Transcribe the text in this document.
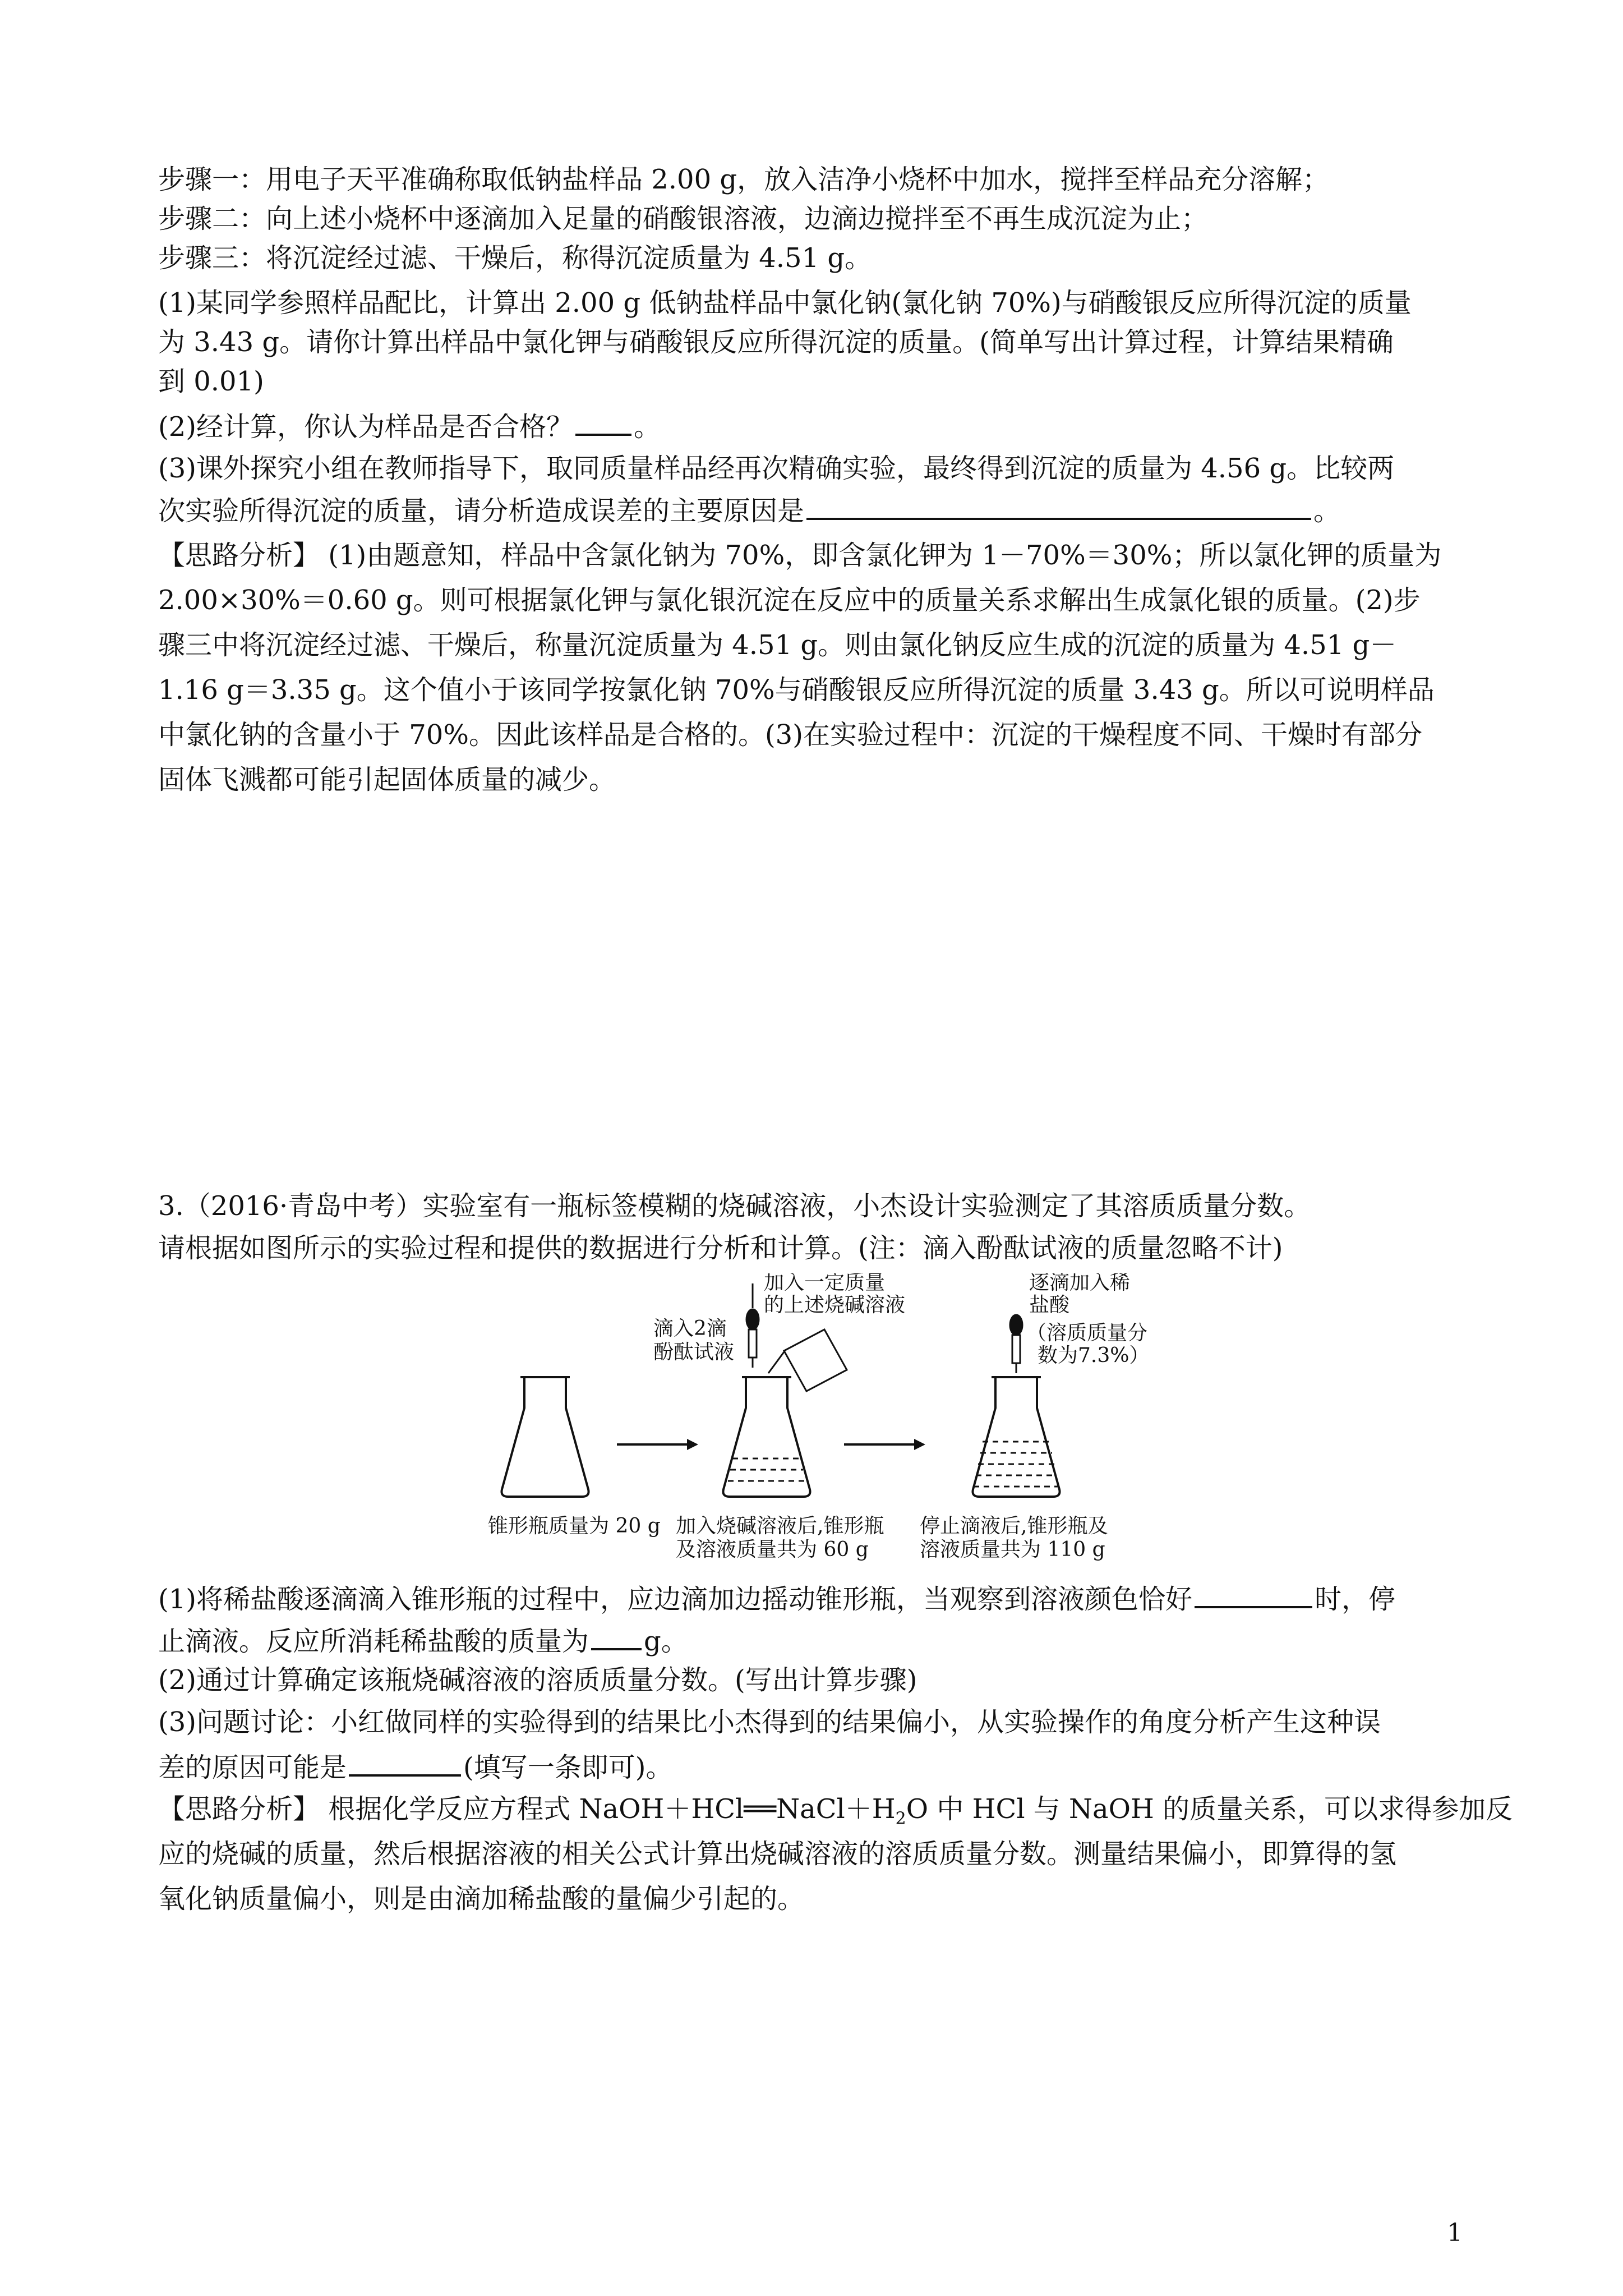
步骤一：用电子天平准确称取低钠盐样品 2.00 g，放入洁净小烧杯中加水，搅拌至样品充分溶解；
步骤二：向上述小烧杯中逐滴加入足量的硝酸银溶液，边滴边搅拌至不再生成沉淀为止；
步骤三：将沉淀经过滤、干燥后，称得沉淀质量为 4.51 g。
(1)某同学参照样品配比，计算出 2.00 g 低钠盐样品中氯化钠(氯化钠 70%)与硝酸银反应所得沉淀的质量
为 3.43 g。请你计算出样品中氯化钾与硝酸银反应所得沉淀的质量。(简单写出计算过程，计算结果精确
到 0.01)
(2)经计算，你认为样品是否合格？ 。
(3)课外探究小组在教师指导下，取同质量样品经再次精确实验，最终得到沉淀的质量为 4.56 g。比较两
次实验所得沉淀的质量，请分析造成误差的主要原因是	。
【思路分析】 (1)由题意知，样品中含氯化钠为 70%，即含氯化钾为 1－70%＝30%；所以氯化钾的质量为
2.00×30%＝0.60 g。则可根据氯化钾与氯化银沉淀在反应中的质量关系求解出生成氯化银的质量。(2)步
骤三中将沉淀经过滤、干燥后，称量沉淀质量为 4.51 g。则由氯化钠反应生成的沉淀的质量为 4.51 g－
1.16 g＝3.35 g。这个值小于该同学按氯化钠 70%与硝酸银反应所得沉淀的质量 3.43 g。所以可说明样品
中氯化钠的含量小于 70%。因此该样品是合格的。(3)在实验过程中：沉淀的干燥程度不同、干燥时有部分
固体飞溅都可能引起固体质量的减少。
3.（2016·青岛中考）实验室有一瓶标签模糊的烧碱溶液，小杰设计实验测定了其溶质质量分数。
请根据如图所示的实验过程和提供的数据进行分析和计算。(注：滴入酚酞试液的质量忽略不计)
滴入2滴
酚酞试液
加入一定质量
的上述烧碱溶液
逐滴加入稀
盐酸
（溶质质量分
数为7.3%）
锥形瓶质量为 20 g 加入烧碱溶液后,锥形瓶
及溶液质量共为 60 g
停止滴液后,锥形瓶及
溶液质量共为 110 g
(1)将稀盐酸逐滴滴入锥形瓶的过程中，应边滴加边摇动锥形瓶，当观察到溶液颜色恰好	时，停
止滴液。反应所消耗稀盐酸的质量为 g。
(2)通过计算确定该瓶烧碱溶液的溶质质量分数。(写出计算步骤)
(3)问题讨论：小红做同样的实验得到的结果比小杰得到的结果偏小，从实验操作的角度分析产生这种误
差的原因可能是	(填写一条即可)。
【思路分析】 根据化学反应方程式 $NaOH+HCl══NaCl+H_2O$ 中 HCl 与 NaOH 的质量关系，可以求得参加反
应的烧碱的质量，然后根据溶液的相关公式计算出烧碱溶液的溶质质量分数。测量结果偏小，即算得的氢
氧化钠质量偏小，则是由滴加稀盐酸的量偏少引起的。
1
